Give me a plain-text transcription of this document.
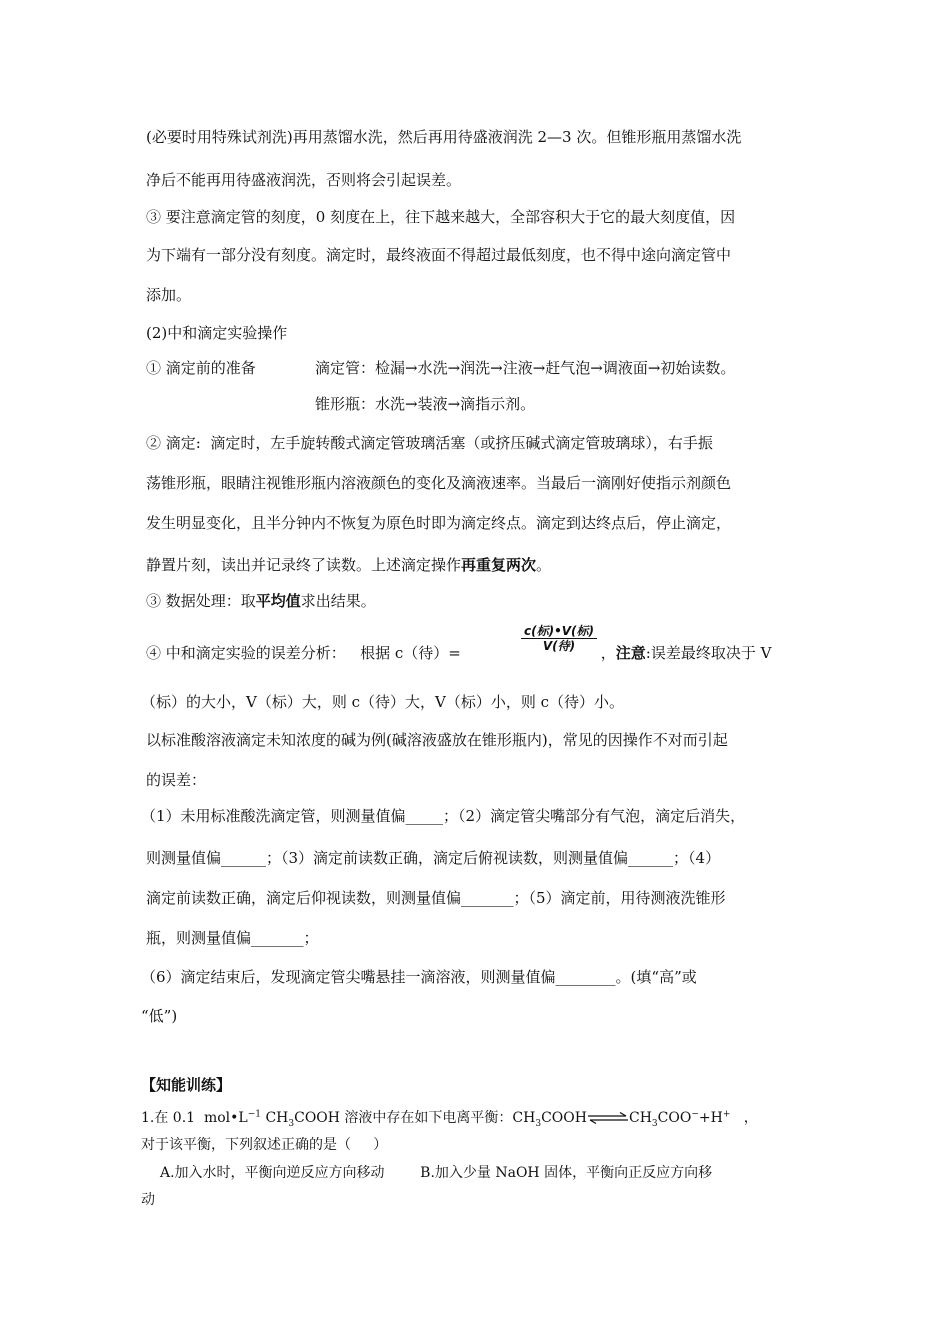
(必要时用特殊试剂洗)再用蒸馏水洗，然后再用待盛液润洗 2—3 次。但锥形瓶用蒸馏水洗
净后不能再用待盛液润洗，否则将会引起误差。
③ 要注意滴定管的刻度，0 刻度在上，往下越来越大，全部容积大于它的最大刻度值，因
为下端有一部分没有刻度。滴定时，最终液面不得超过最低刻度，也不得中途向滴定管中
添加。
(2)中和滴定实验操作
① 滴定前的准备	滴定管：检漏→水洗→润洗→注液→赶气泡→调液面→初始读数。
锥形瓶：水洗→装液→滴指示剂。
② 滴定:  滴定时，左手旋转酸式滴定管玻璃活塞（或挤压碱式滴定管玻璃球），右手振
荡锥形瓶，眼睛注视锥形瓶内溶液颜色的变化及滴液速率。当最后一滴刚好使指示剂颜色
发生明显变化，且半分钟内不恢复为原色时即为滴定终点。滴定到达终点后，停止滴定，
静置片刻，读出并记录终了读数。上述滴定操作再重复两次。
③ 数据处理：取平均值求出结果。
④ 中和滴定实验的误差分析：   根据 c（待）=	$\frac{\text{c(标)•V(标)}}{\text{V(待)}}$
，注意:误差最终取决于 V
（标）的大小，V（标）大，则 c（待）大，V（标）小，则 c（待）小。
以标准酸溶液滴定未知浓度的碱为例(碱溶液盛放在锥形瓶内)，常见的因操作不对而引起
的误差：
（1）未用标准酸洗滴定管，则测量值偏_____；（2）滴定管尖嘴部分有气泡，滴定后消失，
则测量值偏______；（3）滴定前读数正确，滴定后俯视读数，则测量值偏______；（4）
滴定前读数正确，滴定后仰视读数，则测量值偏_______；（5）滴定前，用待测液洗锥形
瓶，则测量值偏_______；
（6）滴定结束后，发现滴定管尖嘴悬挂一滴溶液，则测量值偏________。(填“高”或
“低”)
【知能训练】
1.在 0.1  $mol•L^{-1}$ $CH_3COOH$ 溶液中存在如下电离平衡：$CH_3COOH\rightleftharpoons CH_3COO^-+H^+$   ，
对于该平衡，下列叙述正确的是（     ）
A.加入水时，平衡向逆反应方向移动        B.加入少量 NaOH 固体，平衡向正反应方向移
动
